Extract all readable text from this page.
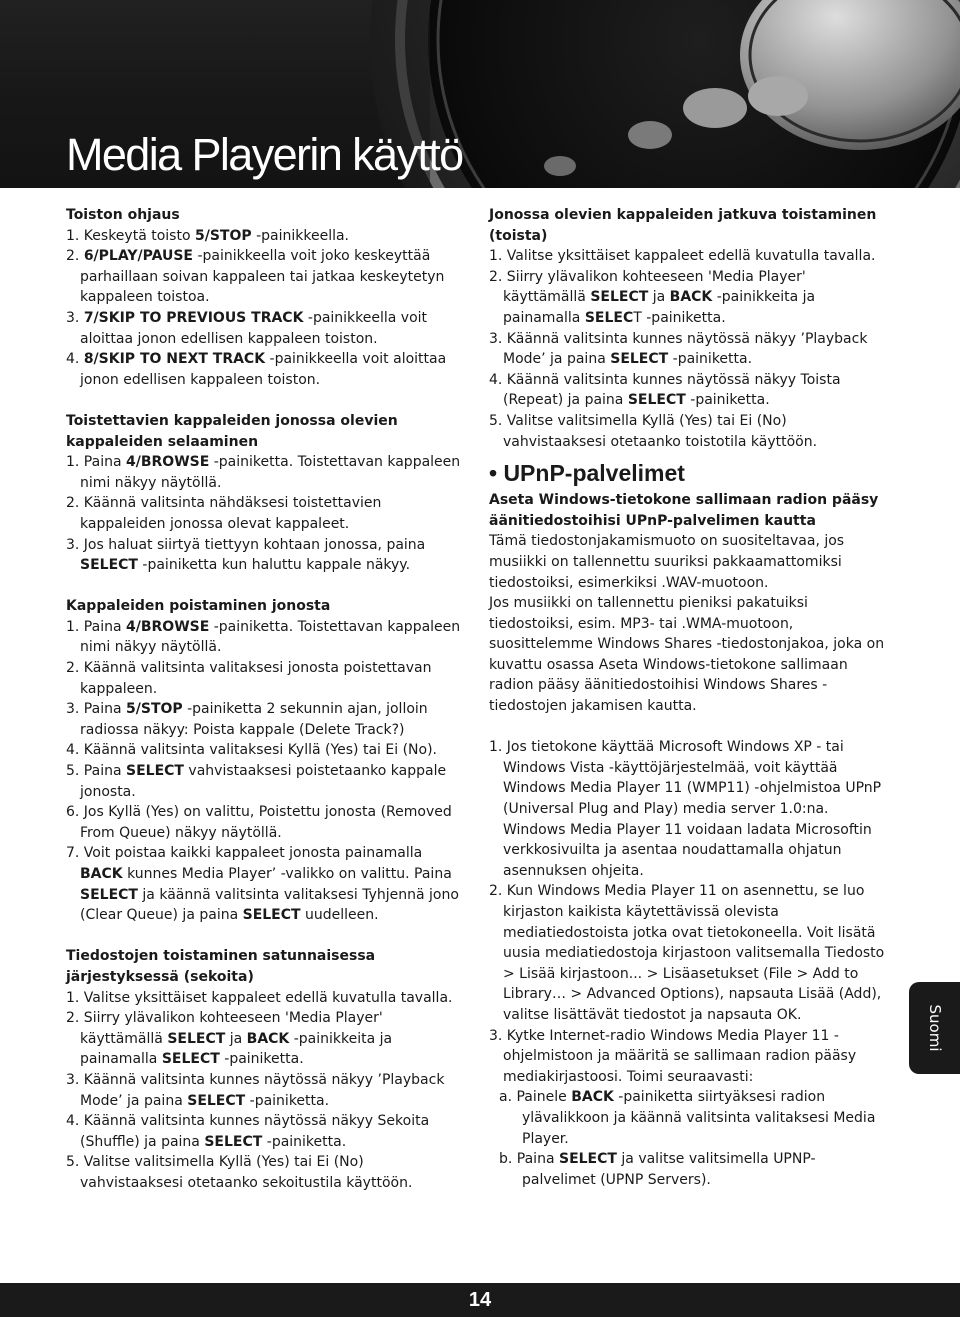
Media Playerin käyttö
Toiston ohjaus
1. Keskeytä toisto 5/STOP -painikkeella.
2. 6/PLAY/PAUSE -painikkeella voit joko keskeyttää parhaillaan soivan kappaleen tai jatkaa keskeytetyn kappaleen toistoa.
3. 7/SKIP TO PREVIOUS TRACK -painikkeella voit aloittaa jonon edellisen kappaleen toiston.
4. 8/SKIP TO NEXT TRACK -painikkeella voit aloittaa jonon edellisen kappaleen toiston.
Toistettavien kappaleiden jonossa olevien kappaleiden selaaminen
1. Paina 4/BROWSE -painiketta. Toistettavan kappaleen nimi näkyy näytöllä.
2. Käännä valitsinta nähdäksesi toistettavien kappaleiden jonossa olevat kappaleet.
3. Jos haluat siirtyä tiettyyn kohtaan jonossa, paina SELECT -painiketta kun haluttu kappale näkyy.
Kappaleiden poistaminen jonosta
1. Paina 4/BROWSE -painiketta. Toistettavan kappaleen nimi näkyy näytöllä.
2. Käännä valitsinta valitaksesi jonosta poistettavan kappaleen.
3. Paina 5/STOP -painiketta 2 sekunnin ajan, jolloin radiossa näkyy: Poista kappale (Delete Track?)
4. Käännä valitsinta valitaksesi Kyllä (Yes) tai Ei (No).
5. Paina SELECT vahvistaaksesi poistetaanko kappale jonosta.
6. Jos Kyllä (Yes) on valittu, Poistettu jonosta (Removed From Queue) näkyy näytöllä.
7. Voit poistaa kaikki kappaleet jonosta painamalla BACK kunnes Media Player’ -valikko on valittu. Paina SELECT ja käännä valitsinta valitaksesi Tyhjennä jono (Clear Queue) ja paina SELECT uudelleen.
Tiedostojen toistaminen satunnaisessa järjestyksessä (sekoita)
1. Valitse yksittäiset kappaleet edellä kuvatulla tavalla.
2. Siirry ylävalikon kohteeseen 'Media Player' käyttämällä SELECT ja BACK -painikkeita ja painamalla SELECT -painiketta.
3. Käännä valitsinta kunnes näytössä näkyy ’Playback Mode’ ja paina SELECT -painiketta.
4. Käännä valitsinta kunnes näytössä näkyy Sekoita (Shuffle) ja paina SELECT -painiketta.
5. Valitse valitsimella Kyllä (Yes) tai Ei (No) vahvistaaksesi otetaanko sekoitustila käyttöön.
Jonossa olevien kappaleiden jatkuva toistaminen (toista)
1. Valitse yksittäiset kappaleet edellä kuvatulla tavalla.
2. Siirry ylävalikon kohteeseen 'Media Player' käyttämällä SELECT ja BACK -painikkeita ja painamalla SELECT -painiketta.
3. Käännä valitsinta kunnes näytössä näkyy ’Playback Mode’ ja paina SELECT -painiketta.
4. Käännä valitsinta kunnes näytössä näkyy Toista (Repeat) ja paina SELECT -painiketta.
5. Valitse valitsimella Kyllä (Yes) tai Ei (No) vahvistaaksesi otetaanko toistotila käyttöön.
• UPnP-palvelimet
Aseta Windows-tietokone sallimaan radion pääsy äänitiedostoihisi UPnP-palvelimen kautta
Tämä tiedostonjakamismuoto on suositeltavaa, jos musiikki on tallennettu suuriksi pakkaamattomiksi tiedostoiksi, esimerkiksi .WAV-muotoon.
Jos musiikki on tallennettu pieniksi pakatuiksi tiedostoiksi, esim. MP3- tai .WMA-muotoon, suosittelemme Windows Shares -tiedostonjakoa, joka on kuvattu osassa Aseta Windows-tietokone sallimaan radion pääsy äänitiedostoihisi Windows Shares -tiedostojen jakamisen kautta.
1. Jos tietokone käyttää Microsoft Windows XP - tai Windows Vista -käyttöjärjestelmää, voit käyttää Windows Media Player 11 (WMP11) -ohjelmistoa UPnP (Universal Plug and Play) media server 1.0:na. Windows Media Player 11 voidaan ladata Microsoftin verkkosivuilta ja asentaa noudattamalla ohjatun asennuksen ohjeita.
2. Kun Windows Media Player 11 on asennettu, se luo kirjaston kaikista käytettävissä olevista mediatiedostoista jotka ovat tietokoneella. Voit lisätä uusia mediatiedostoja kirjastoon valitsemalla Tiedosto > Lisää kirjastoon... > Lisäasetukset (File > Add to Library… > Advanced Options), napsauta Lisää (Add), valitse lisättävät tiedostot ja napsauta OK.
3. Kytke Internet-radio Windows Media Player 11 -ohjelmistoon ja määritä se sallimaan radion pääsy mediakirjastoosi. Toimi seuraavasti:
a. Painele BACK -painiketta siirtyäksesi radion ylävalikkoon ja käännä valitsinta valitaksesi Media Player.
b. Paina SELECT ja valitse valitsimella UPNP-palvelimet (UPNP Servers).
Suomi
14
